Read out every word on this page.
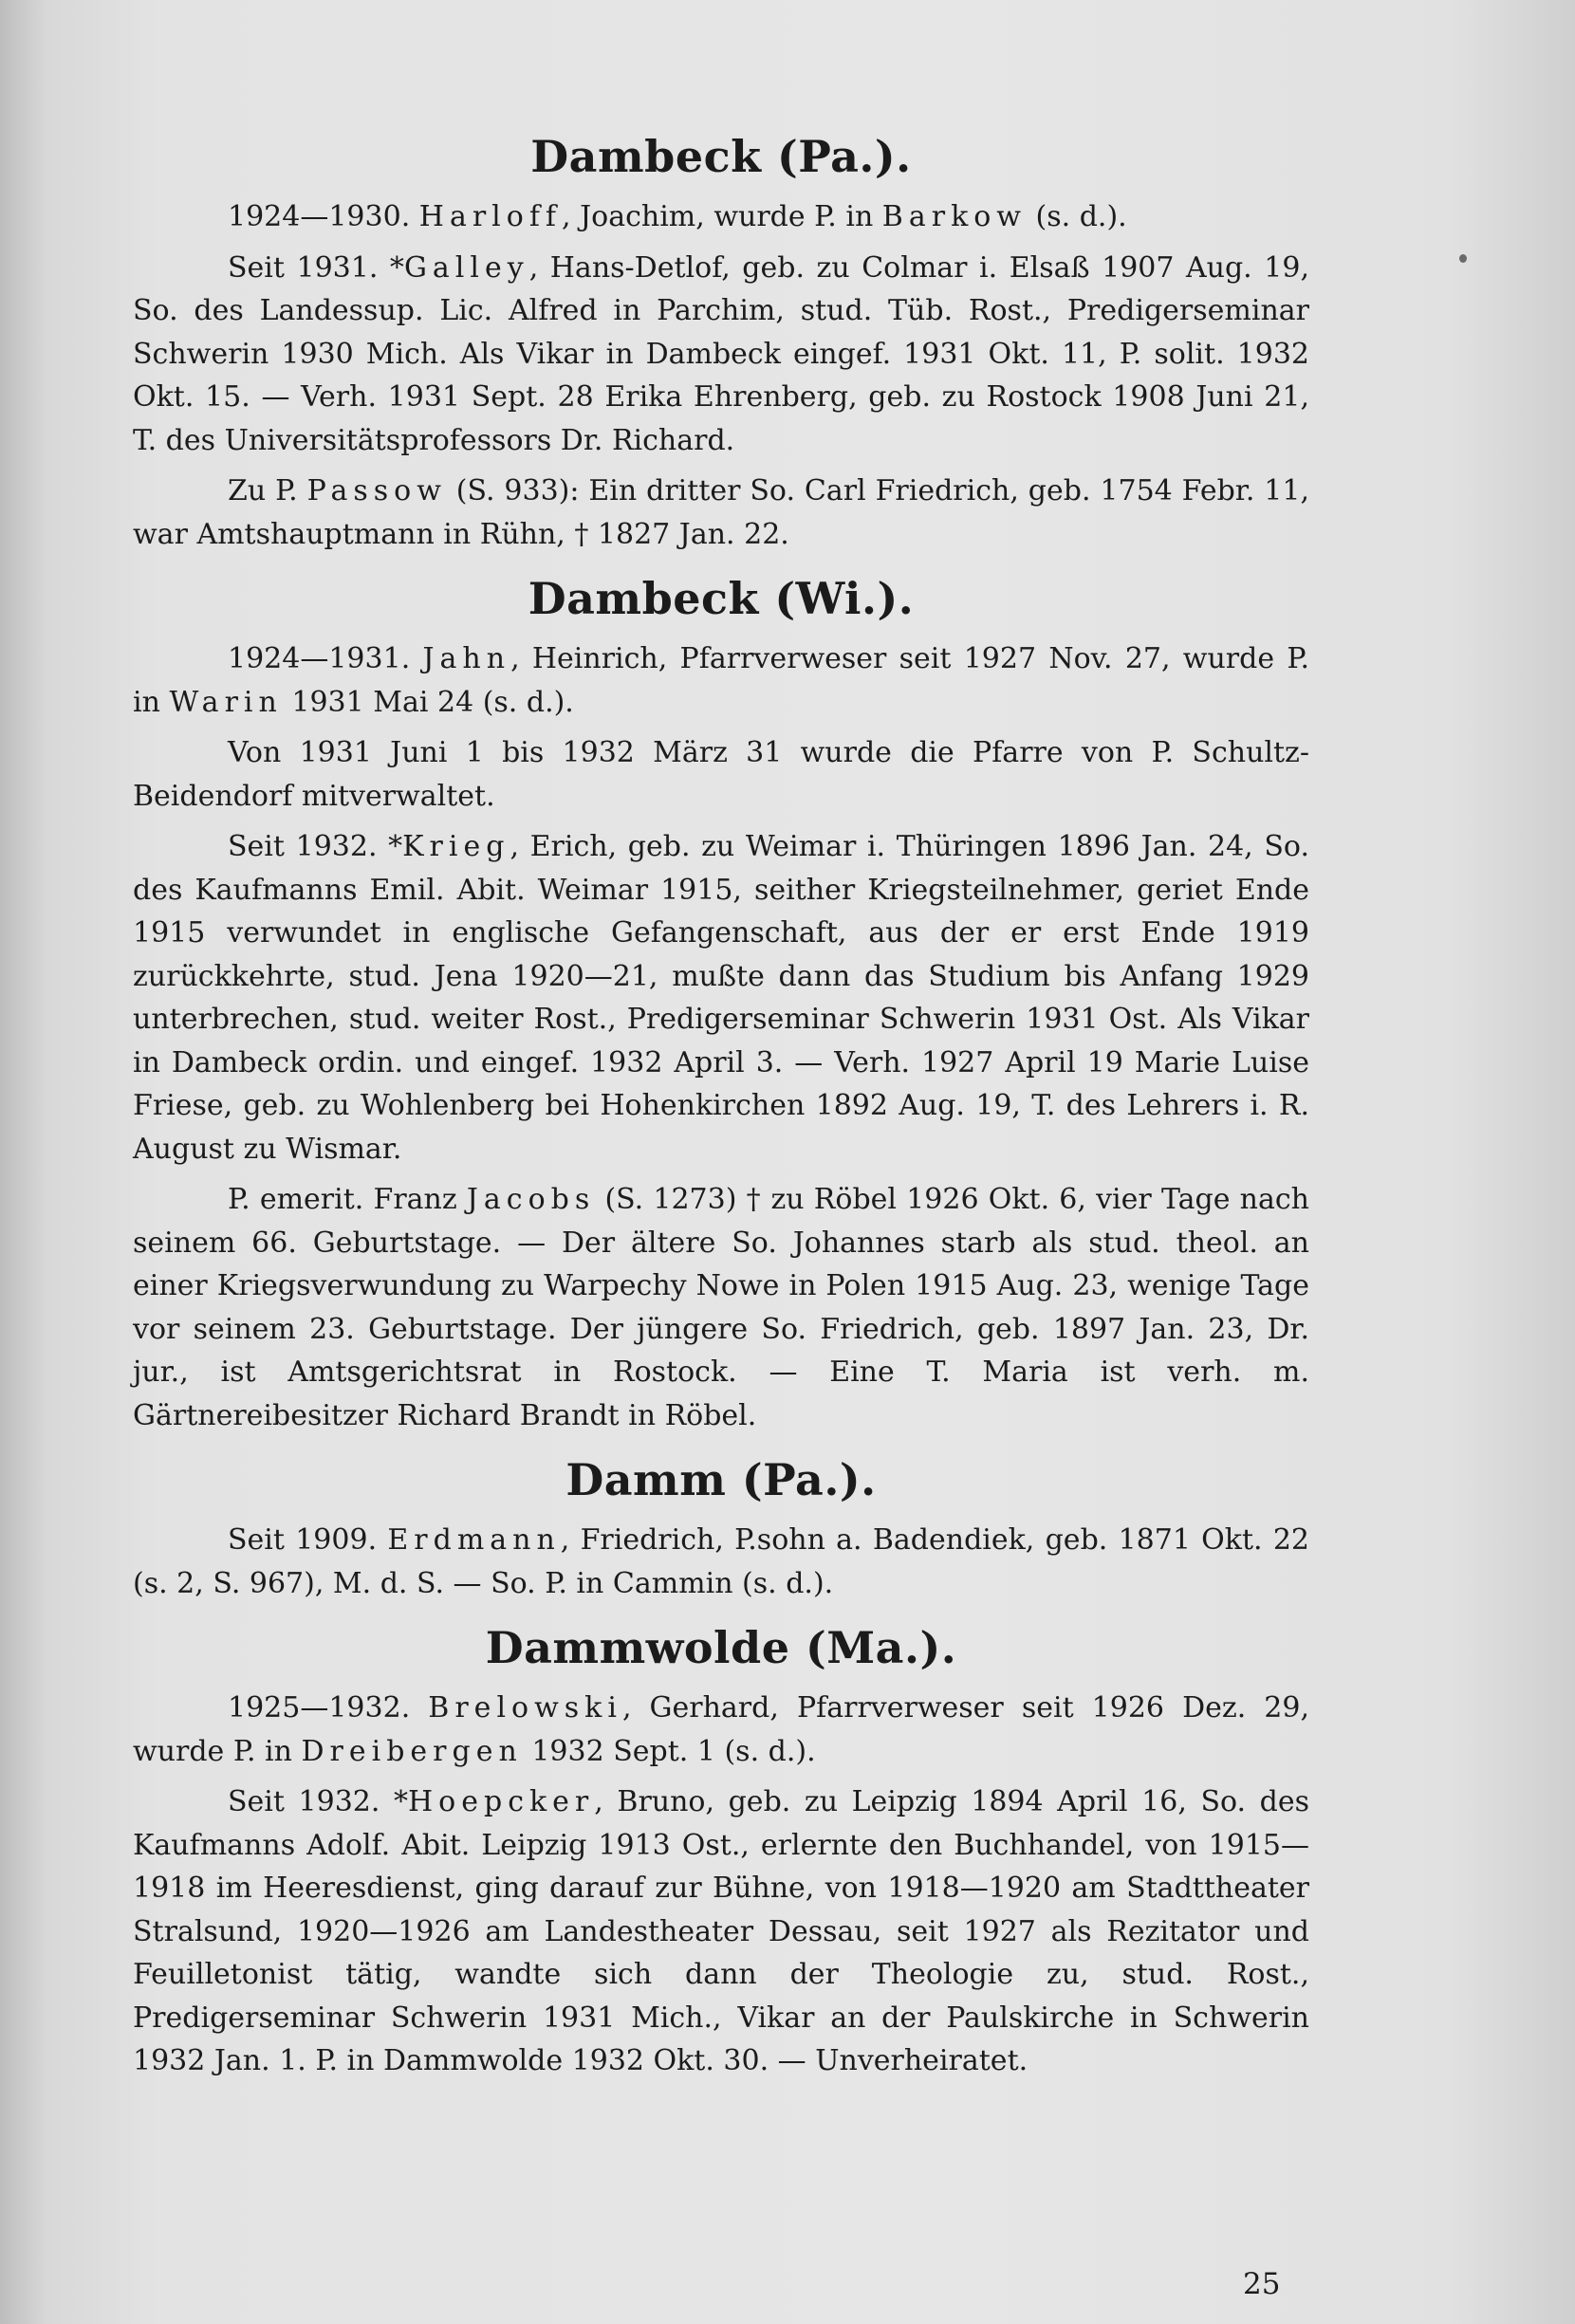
Dambeck (Pa.).

1924—1930. Harloff, Joachim, wurde P. in Barkow (s. d.).

Seit 1931. *Galley, Hans-Detlof, geb. zu Colmar i. Elsaß 1907 Aug. 19, So. des Landessup. Lic. Alfred in Parchim, stud. Tüb. Rost., Predigerseminar Schwerin 1930 Mich. Als Vikar in Dambeck eingef. 1931 Okt. 11, P. solit. 1932 Okt. 15. — Verh. 1931 Sept. 28 Erika Ehrenberg, geb. zu Rostock 1908 Juni 21, T. des Universitätsprofessors Dr. Richard.

Zu P. Passow (S. 933): Ein dritter So. Carl Friedrich, geb. 1754 Febr. 11, war Amtshauptmann in Rühn, † 1827 Jan. 22.

Dambeck (Wi.).

1924—1931. Jahn, Heinrich, Pfarrverweser seit 1927 Nov. 27, wurde P. in Warin 1931 Mai 24 (s. d.).

Von 1931 Juni 1 bis 1932 März 31 wurde die Pfarre von P. Schultz-Beidendorf mitverwaltet.

Seit 1932. *Krieg, Erich, geb. zu Weimar i. Thüringen 1896 Jan. 24, So. des Kaufmanns Emil. Abit. Weimar 1915, seither Kriegsteilnehmer, geriet Ende 1915 verwundet in englische Gefangenschaft, aus der er erst Ende 1919 zurückkehrte, stud. Jena 1920—21, mußte dann das Studium bis Anfang 1929 unterbrechen, stud. weiter Rost., Predigerseminar Schwerin 1931 Ost. Als Vikar in Dambeck ordin. und eingef. 1932 April 3. — Verh. 1927 April 19 Marie Luise Friese, geb. zu Wohlenberg bei Hohenkirchen 1892 Aug. 19, T. des Lehrers i. R. August zu Wismar.

P. emerit. Franz Jacobs (S. 1273) † zu Röbel 1926 Okt. 6, vier Tage nach seinem 66. Geburtstage. — Der ältere So. Johannes starb als stud. theol. an einer Kriegsverwundung zu Warpechy Nowe in Polen 1915 Aug. 23, wenige Tage vor seinem 23. Geburtstage. Der jüngere So. Friedrich, geb. 1897 Jan. 23, Dr. jur., ist Amtsgerichtsrat in Rostock. — Eine T. Maria ist verh. m. Gärtnereibesitzer Richard Brandt in Röbel.

Damm (Pa.).

Seit 1909. Erdmann, Friedrich, P.sohn a. Badendiek, geb. 1871 Okt. 22 (s. 2, S. 967), M. d. S. — So. P. in Cammin (s. d.).

Dammwolde (Ma.).

1925—1932. Brelowski, Gerhard, Pfarrverweser seit 1926 Dez. 29, wurde P. in Dreibergen 1932 Sept. 1 (s. d.).

Seit 1932. *Hoepcker, Bruno, geb. zu Leipzig 1894 April 16, So. des Kaufmanns Adolf. Abit. Leipzig 1913 Ost., erlernte den Buchhandel, von 1915—1918 im Heeresdienst, ging darauf zur Bühne, von 1918—1920 am Stadttheater Stralsund, 1920—1926 am Landestheater Dessau, seit 1927 als Rezitator und Feuilletonist tätig, wandte sich dann der Theologie zu, stud. Rost., Predigerseminar Schwerin 1931 Mich., Vikar an der Paulskirche in Schwerin 1932 Jan. 1. P. in Dammwolde 1932 Okt. 30. — Unverheiratet.

25
